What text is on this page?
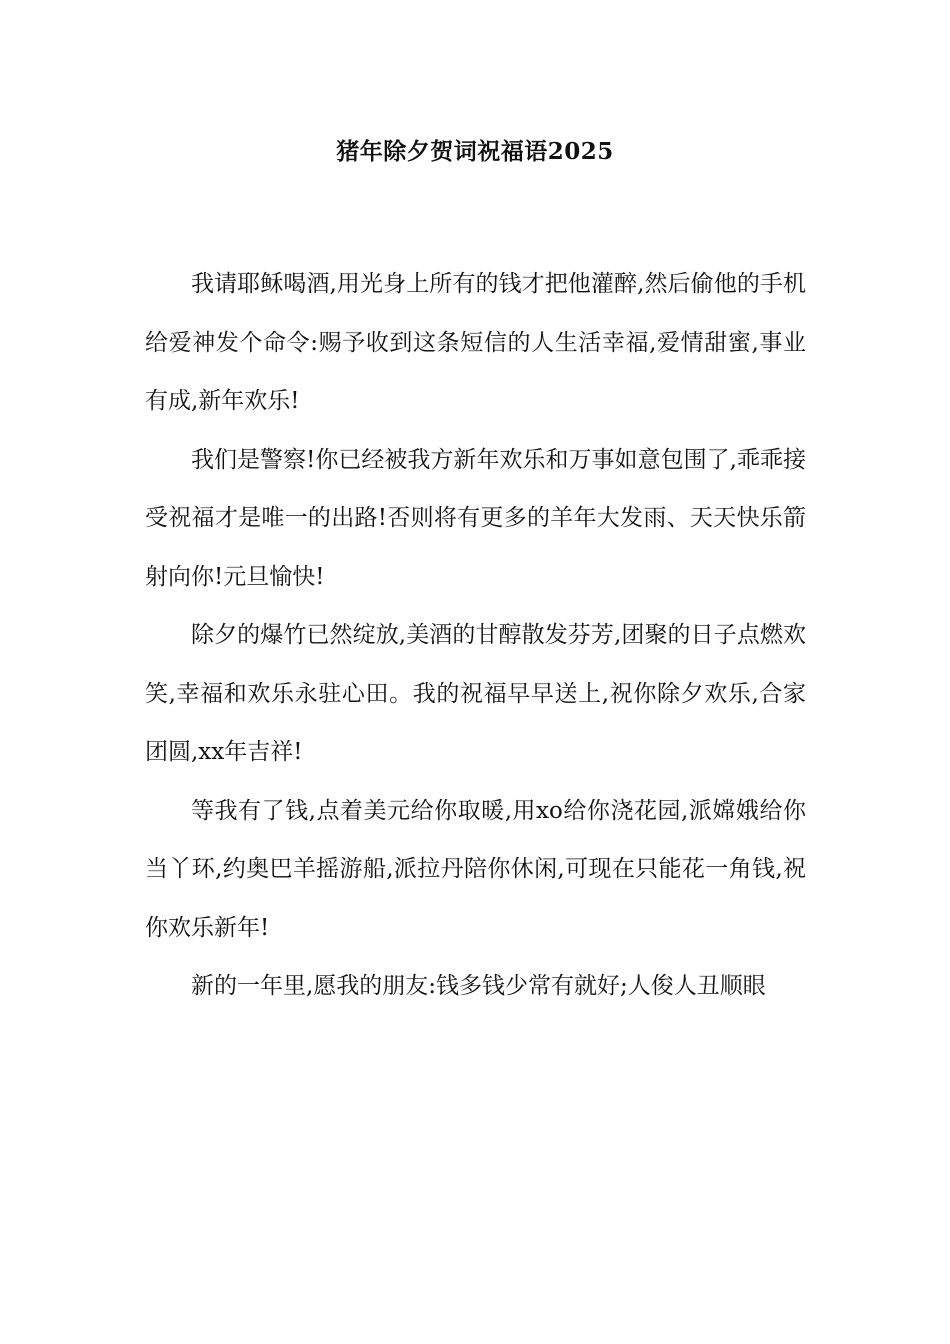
猪年除夕贺词祝福语2025

我请耶稣喝酒,用光身上所有的钱才把他灌醉,然后偷他的手机给爱神发个命令:赐予收到这条短信的人生活幸福,爱情甜蜜,事业有成,新年欢乐!

我们是警察!你已经被我方新年欢乐和万事如意包围了,乖乖接受祝福才是唯一的出路!否则将有更多的羊年大发雨、天天快乐箭射向你!元旦愉快!

除夕的爆竹已然绽放,美酒的甘醇散发芬芳,团聚的日子点燃欢笑,幸福和欢乐永驻心田。我的祝福早早送上,祝你除夕欢乐,合家团圆,xx年吉祥!

等我有了钱,点着美元给你取暖,用xo给你浇花园,派嫦娥给你当丫环,约奥巴羊摇游船,派拉丹陪你休闲,可现在只能花一角钱,祝你欢乐新年!

新的一年里,愿我的朋友:钱多钱少常有就好;人俊人丑顺眼
